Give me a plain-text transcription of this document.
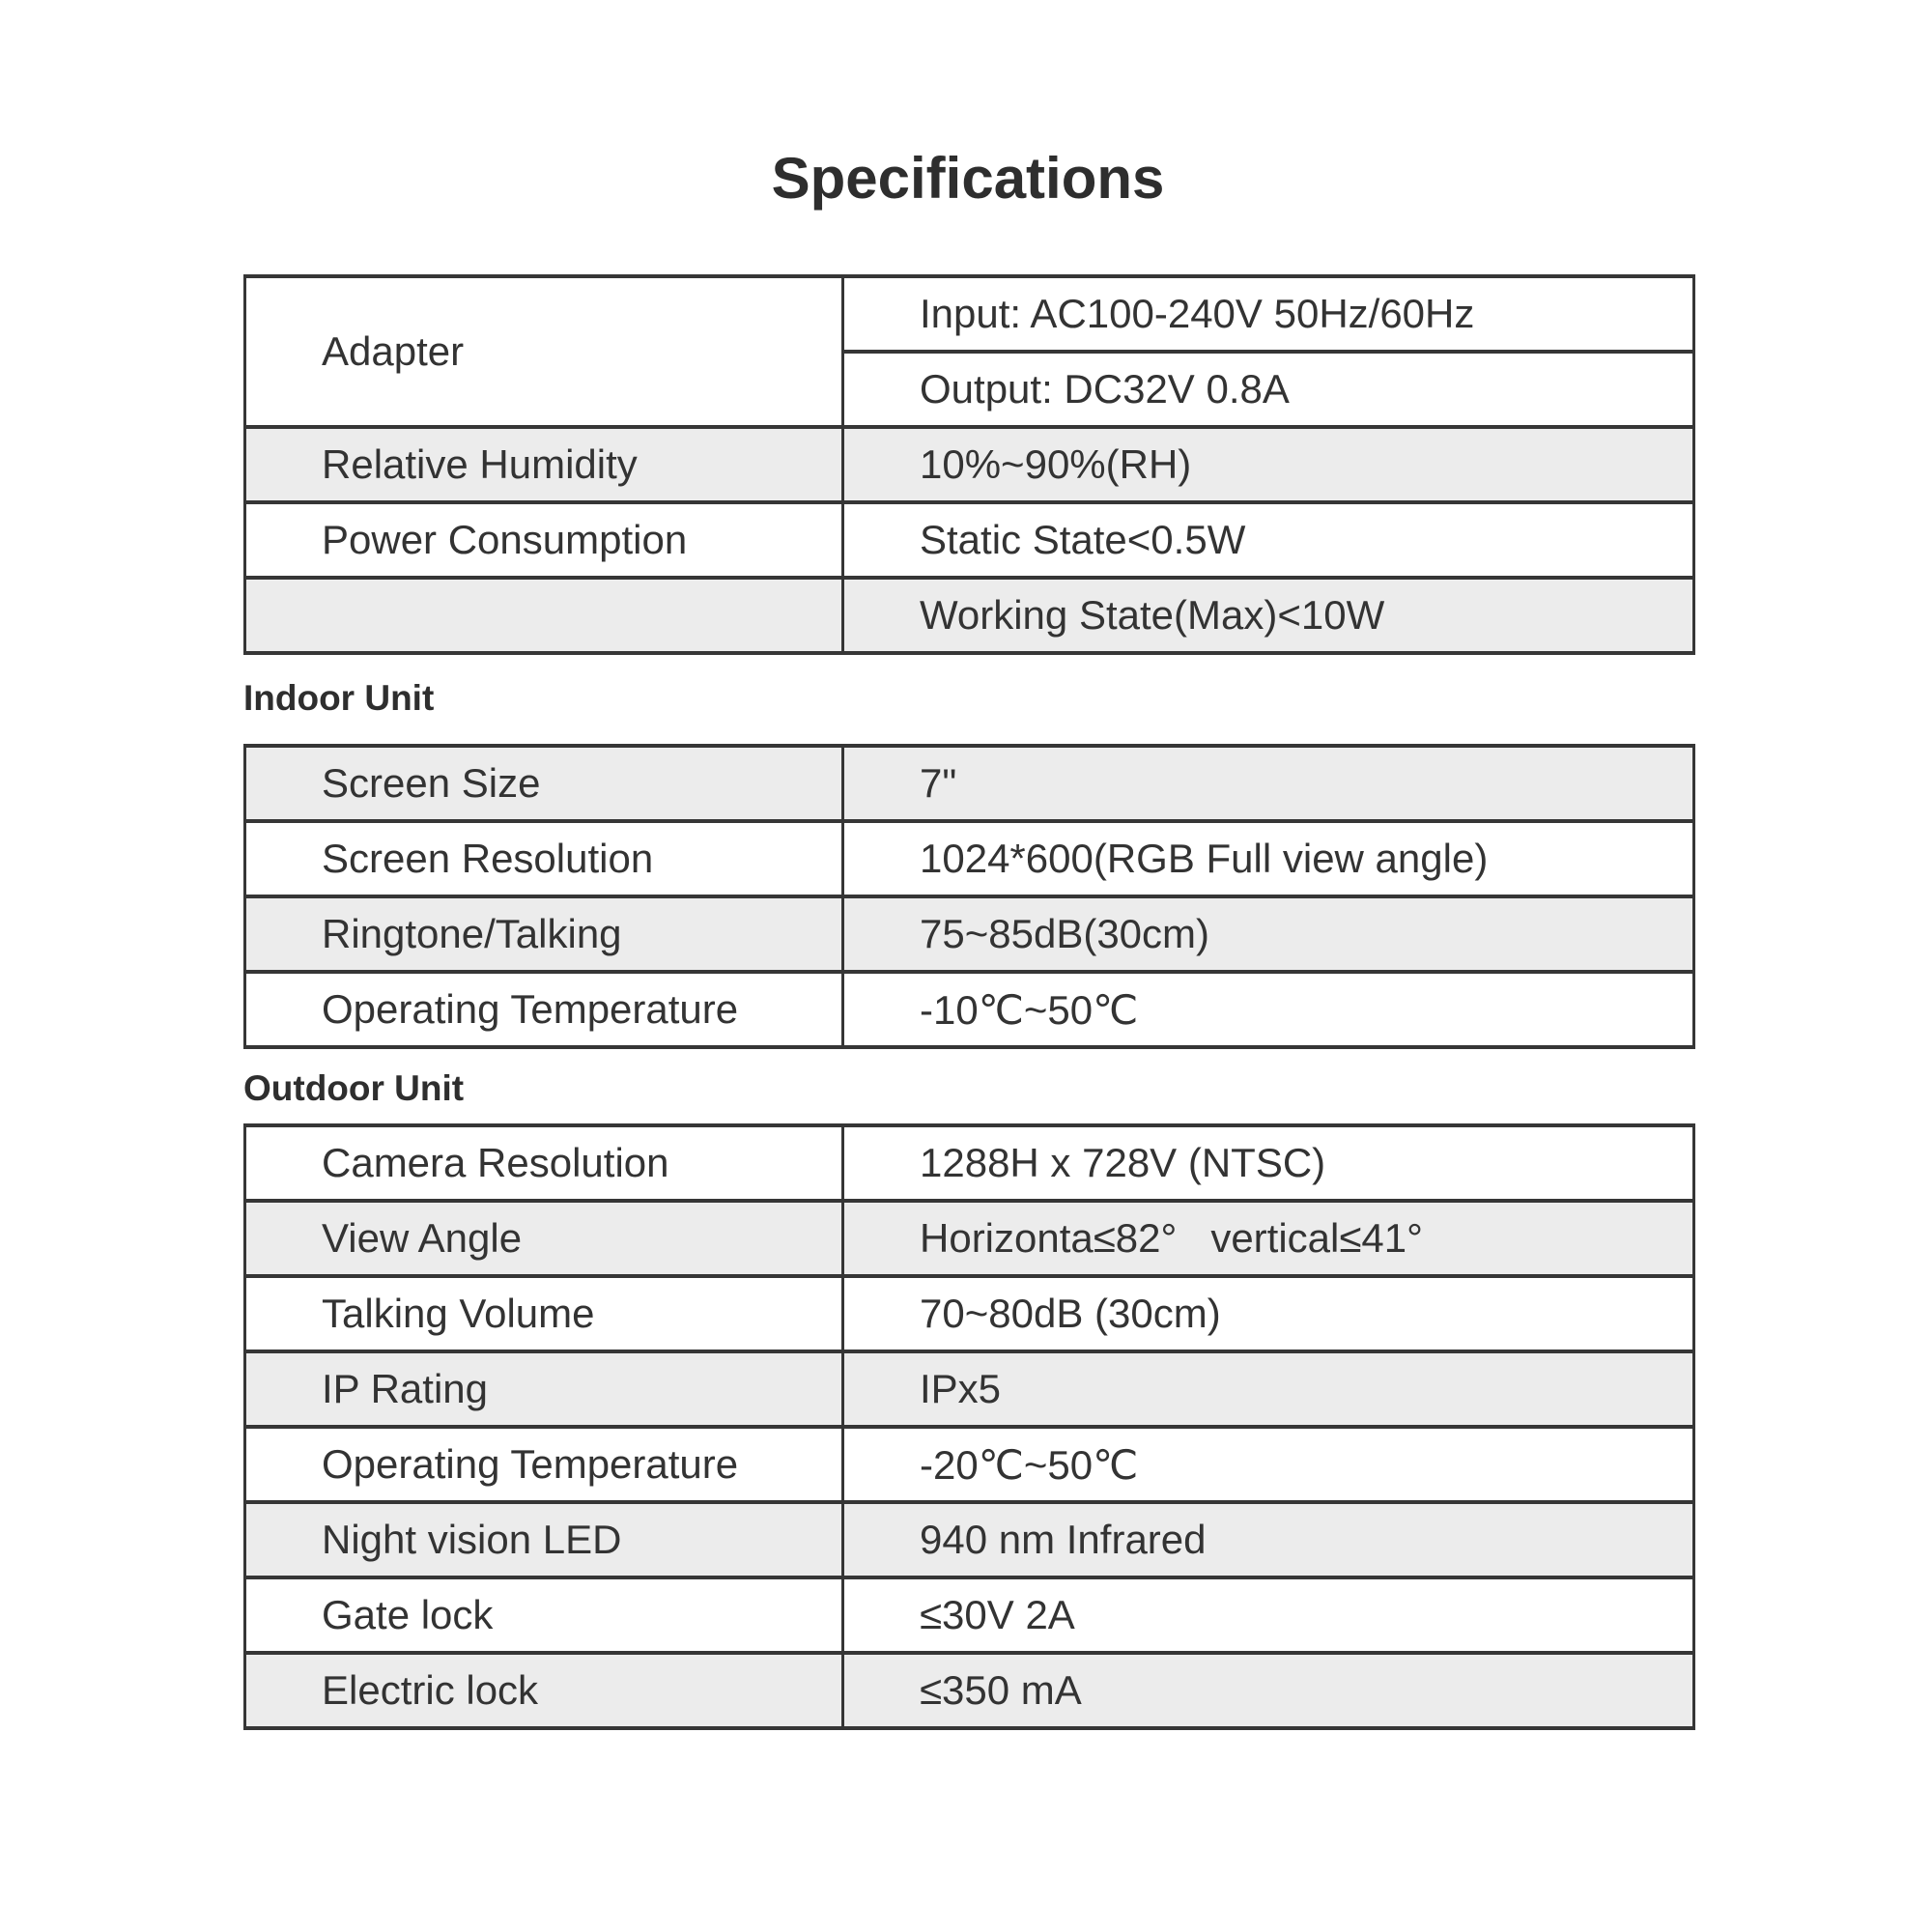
Specifications
Adapter	Input: AC100-240V 50Hz/60Hz
	Output: DC32V 0.8A
Relative Humidity	10%~90%(RH)
Power Consumption	Static State<0.5W
	Working State(Max)<10W
Indoor Unit
Screen Size	7"
Screen Resolution	1024*600(RGB Full view angle)
Ringtone/Talking	75~85dB(30cm)
Operating Temperature	-10℃~50℃
Outdoor Unit
Camera Resolution	1288H x 728V (NTSC)
View Angle	Horizonta≤82°   vertical≤41°
Talking Volume	70~80dB (30cm)
IP Rating	IPx5
Operating Temperature	-20℃~50℃
Night vision LED	940 nm Infrared
Gate lock	≤30V 2A
Electric lock	≤350 mA
